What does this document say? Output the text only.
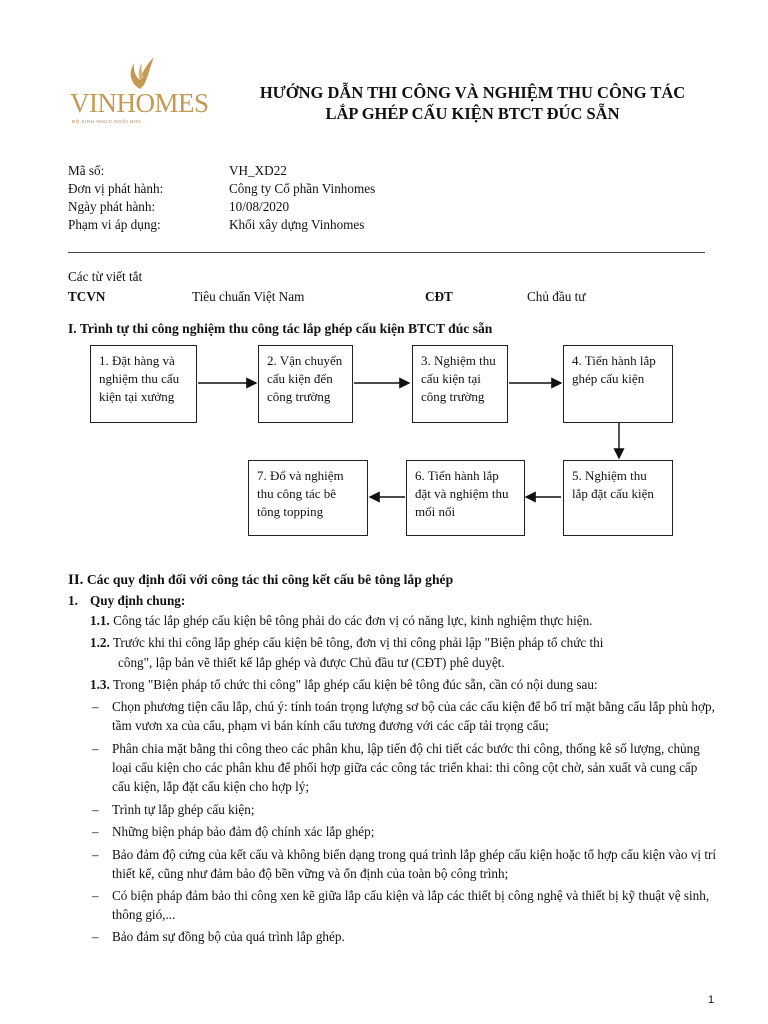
VINHOMES
BỘ KINH NHỰC NGÔI NHÀ
HƯỚNG DẪN THI CÔNG VÀ NGHIỆM THU CÔNG TÁC
LẮP GHÉP CẤU KIỆN BTCT ĐÚC SẴN
Mã số:	VH_XD22
Đơn vị phát hành:	Công ty Cổ phần Vinhomes
Ngày phát hành:	10/08/2020
Phạm vi áp dụng:	Khối xây dựng Vinhomes
Các từ viết tắt
TCVN	Tiêu chuẩn Việt Nam	CĐT	Chủ đầu tư
I. Trình tự thi công nghiệm thu công tác lắp ghép cấu kiện BTCT đúc sẵn
1. Đặt hàng và nghiệm thu cấu kiện tại xưởng
2. Vận chuyển cấu kiện đến công trường
3. Nghiệm thu cấu kiện tại công trường
4. Tiến hành lắp ghép cấu kiện
5. Nghiệm thu lắp đặt cấu kiện
6. Tiến hành lắp đặt và nghiệm thu mối nối
7. Đổ và nghiệm thu công tác bê tông topping
II. Các quy định đối với công tác thi công kết cấu bê tông lắp ghép
1. Quy định chung:
1.1. Công tác lắp ghép cấu kiện bê tông phải do các đơn vị có năng lực, kinh nghiệm thực hiện.
1.2. Trước khi thi công lắp ghép cấu kiện bê tông, đơn vị thi công phải lập "Biện pháp tổ chức thi
công", lập bản vẽ thiết kế lắp ghép và được Chủ đầu tư (CĐT) phê duyệt.
1.3. Trong "Biện pháp tổ chức thi công" lắp ghép cấu kiện bê tông đúc sẵn, cần có nội dung sau:
– Chọn phương tiện cẩu lắp, chú ý: tính toán trọng lượng sơ bộ của các cấu kiện để bố trí mặt bằng cẩu lắp phù hợp, tầm vươn xa của cẩu, phạm vi bán kính cẩu tương đương với các cấp tải trọng cẩu;
– Phân chia mặt bằng thi công theo các phân khu, lập tiến độ chi tiết các bước thi công, thống kê số lượng, chủng loại cấu kiện cho các phân khu để phối hợp giữa các công tác triển khai: thi công cột chờ, sản xuất và cung cấp cấu kiện, lắp đặt cấu kiện cho hợp lý;
– Trình tự lắp ghép cấu kiện;
– Những biện pháp bảo đảm độ chính xác lắp ghép;
– Bảo đảm độ cứng của kết cấu và không biến dạng trong quá trình lắp ghép cấu kiện hoặc tổ hợp cấu kiện vào vị trí thiết kế, cũng như đảm bảo độ bền vững và ổn định của toàn bộ công trình;
– Có biện pháp đảm bảo thi công xen kẽ giữa lắp cấu kiện và lắp các thiết bị công nghệ và thiết bị kỹ thuật vệ sinh, thông gió,...
– Bảo đảm sự đồng bộ của quá trình lắp ghép.
1
